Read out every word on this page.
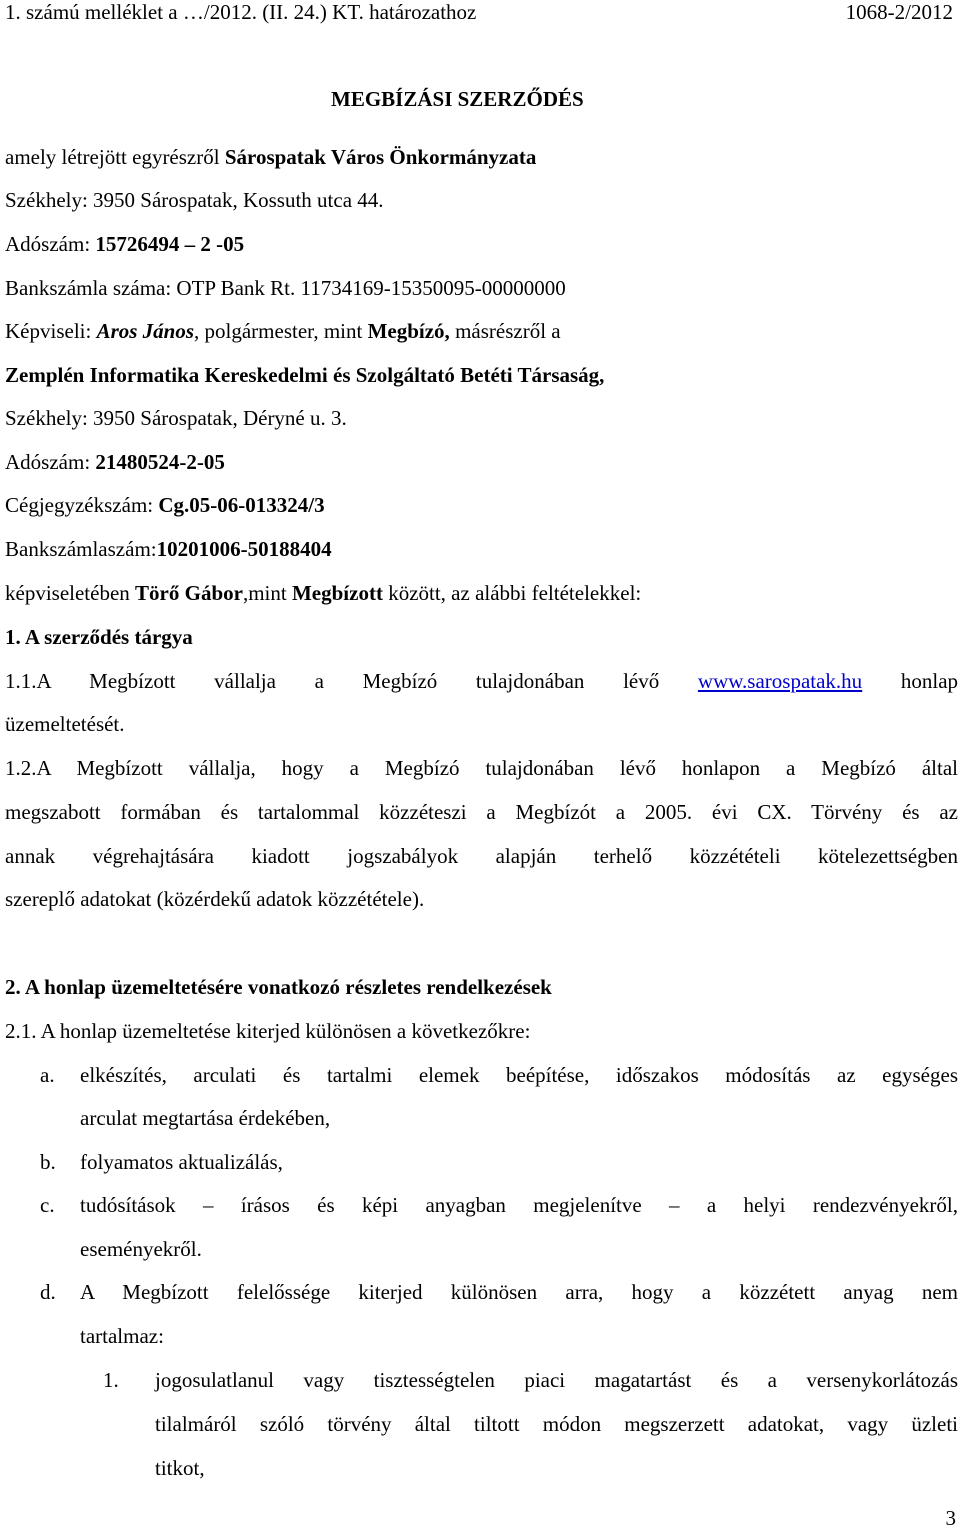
1. számú melléklet a …/2012. (II. 24.) KT. határozathoz	1068-2/2012
MEGBÍZÁSI SZERZŐDÉS
amely létrejött egyrészről Sárospatak Város Önkormányzata
Székhely: 3950 Sárospatak, Kossuth utca 44.
Adószám: 15726494 – 2 -05
Bankszámla száma: OTP Bank Rt. 11734169-15350095-00000000
Képviseli: Aros János, polgármester, mint Megbízó, másrészről a
Zemplén Informatika Kereskedelmi és Szolgáltató Betéti Társaság,
Székhely: 3950 Sárospatak, Déryné u. 3.
Adószám: 21480524-2-05
Cégjegyzékszám: Cg.05-06-013324/3
Bankszámlaszám:10201006-50188404
képviseletében Törő Gábor,mint Megbízott között, az alábbi feltételekkel:
1. A szerződés tárgya
1.1.A Megbízott vállalja a Megbízó tulajdonában lévő www.sarospatak.hu honlap
üzemeltetését.
1.2.A Megbízott vállalja, hogy a Megbízó tulajdonában lévő honlapon a Megbízó által
megszabott formában és tartalommal közzéteszi a Megbízót a 2005. évi CX. Törvény és az
annak végrehajtására kiadott jogszabályok alapján terhelő közzétételi kötelezettségben
szereplő adatokat (közérdekű adatok közzététele).
2. A honlap üzemeltetésére vonatkozó részletes rendelkezések
2.1. A honlap üzemeltetése kiterjed különösen a következőkre:
a. elkészítés, arculati és tartalmi elemek beépítése, időszakos módosítás az egységes
arculat megtartása érdekében,
b. folyamatos aktualizálás,
c. tudósítások – írásos és képi anyagban megjelenítve – a helyi rendezvényekről,
eseményekről.
d. A Megbízott felelőssége kiterjed különösen arra, hogy a közzétett anyag nem
tartalmaz:
1. jogosulatlanul vagy tisztességtelen piaci magatartást és a versenykorlátozás
tilalmáról szóló törvény által tiltott módon megszerzett adatokat, vagy üzleti
titkot,
3
